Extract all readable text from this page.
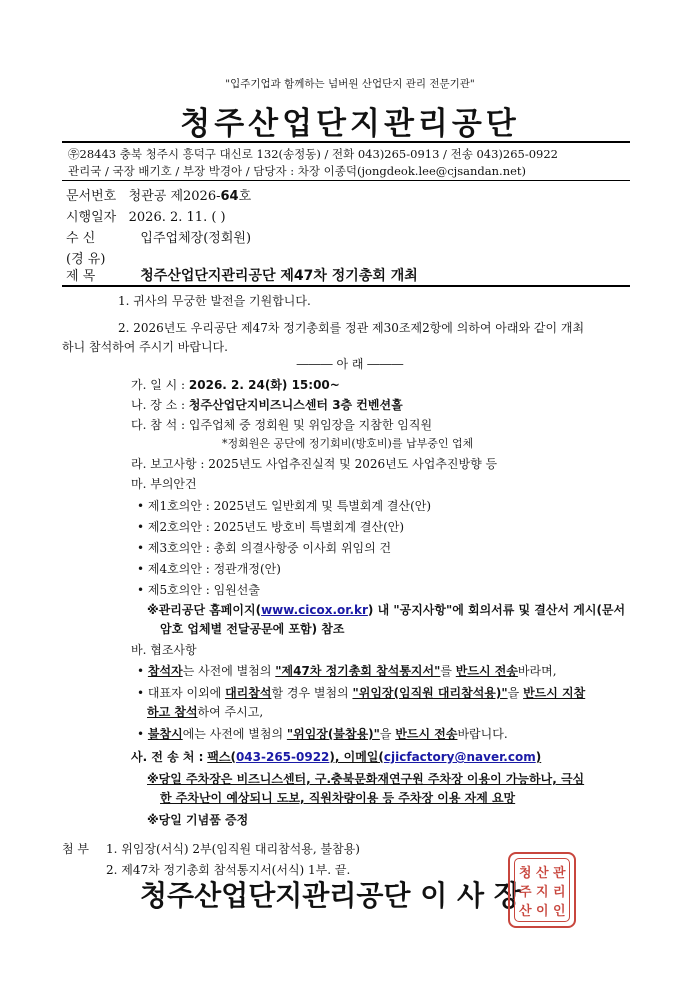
"입주기업과 함께하는 넘버원 산업단지 관리 전문기관"
청주산업단지관리공단
㉾28443 충북 청주시 흥덕구 대신로 132(송정동) / 전화 043)265-0913 / 전송 043)265-0922
관리국 / 국장 배기호 / 부장 박경아 / 담당자 : 차장 이종덕(jongdeok.lee@cjsandan.net)
문서번호 청관공 제2026-64호
시행일자 2026. 2. 11. ( )
수 신	입주업체장(정회원)
(경 유)
제 목	청주산업단지관리공단 제47차 정기총회 개최
1. 귀사의 무궁한 발전을 기원합니다.
2. 2026년도 우리공단 제47차 정기총회를 정관 제30조제2항에 의하여 아래와 같이 개최
하니 참석하여 주시기 바랍니다.
――― 아 래 ―――
가. 일 시 : 2026. 2. 24(화) 15:00~
나. 장 소 : 청주산업단지비즈니스센터 3층 컨벤션홀
다. 참 석 : 입주업체 중 정회원 및 위임장을 지참한 임직원
*정회원은 공단에 정기회비(방호비)를 납부중인 업체
라. 보고사항 : 2025년도 사업추진실적 및 2026년도 사업추진방향 등
마. 부의안건
• 제1호의안 : 2025년도 일반회계 및 특별회계 결산(안)
• 제2호의안 : 2025년도 방호비 특별회계 결산(안)
• 제3호의안 : 총회 의결사항중 이사회 위임의 건
• 제4호의안 : 정관개정(안)
• 제5호의안 : 임원선출
※관리공단 홈페이지(www.cicox.or.kr) 내 "공지사항"에 회의서류 및 결산서 게시(문서
암호 업체별 전달공문에 포함) 참조
바. 협조사항
• 참석자는 사전에 별첨의 "제47차 정기총회 참석통지서"를 반드시 전송바라며,
• 대표자 이외에 대리참석할 경우 별첨의 "위임장(임직원 대리참석용)"을 반드시 지참
하고 참석하여 주시고,
• 불참시에는 사전에 별첨의 "위임장(불참용)"을 반드시 전송바랍니다.
사. 전 송 처 : 팩스(043-265-0922), 이메일(cjicfactory@naver.com)
※당일 주차장은 비즈니스센터, 구.충북문화재연구원 주차장 이용이 가능하나, 극심
한 주차난이 예상되니 도보, 직원차량이용 등 주차장 이용 자제 요망
※당일 기념품 증정
첨 부 1. 위임장(서식) 2부(임직원 대리참석용, 불참용)
2. 제47차 정기총회 참석통지서(서식) 1부. 끝.
청주산업단지관리공단 이 사 장
청 산 관
주 지 리
산 이 인
